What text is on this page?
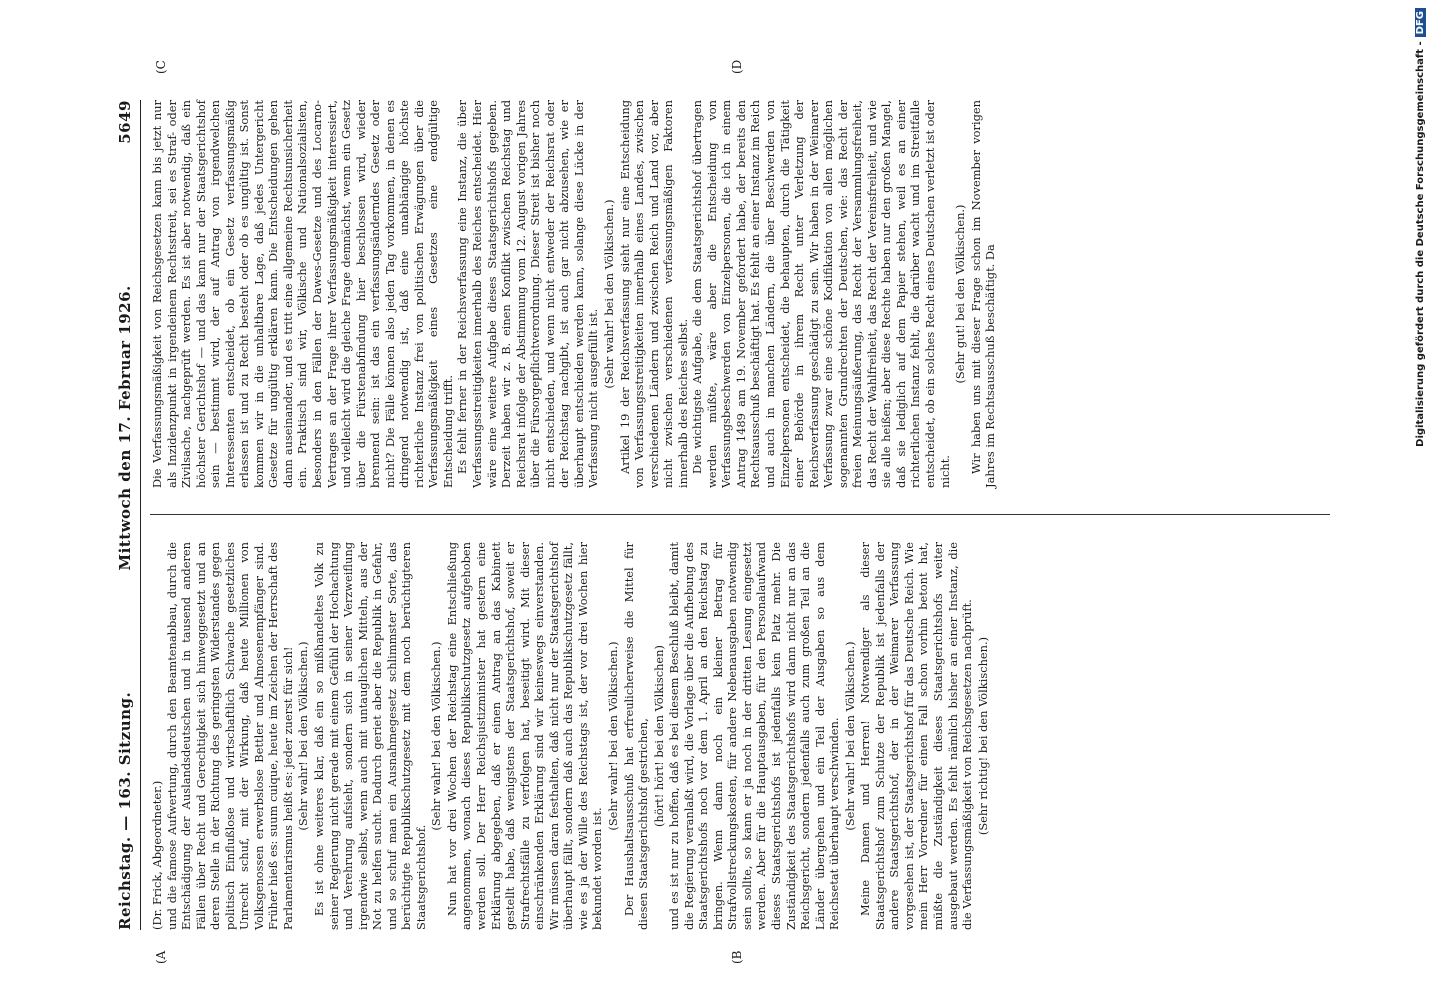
Reichstag. — 163. Sitzung.
Mittwoch den 17. Februar 1926.  5649
(A	(B
(C	(D

(Dr. Frick, Abgeordneter.) und die famose Aufwertung, durch den Beamtenabbau, durch die Entschädigung der Auslandsdeutschen und in tausend anderen Fällen über Recht und Gerechtigkeit sich hinweggesetzt und an deren Stelle in der Richtung des geringsten Widerstandes gegen politisch Einflußlose und wirtschaftlich Schwache gesetzliches Unrecht schuf, mit der Wirkung, daß heute Millionen von Volksgenossen erwerbslose Bettler und Almosenempfänger sind. Früher hieß es: suum cuique, heute im Zeichen der Herrschaft des Parlamentarismus heißt es: jeder zuerst für sich! (Sehr wahr! bei den Völkischen.) Es ist ohne weiteres klar, daß ein so mißhandeltes Volk zu seiner Regierung nicht gerade mit einem Gefühl der Hochachtung und Verehrung aufsieht, sondern sich in seiner Verzweiflung irgendwie selbst, wenn auch mit untauglichen Mitteln, aus der Not zu helfen sucht. Dadurch geriet aber die Republik in Gefahr, und so schuf man ein Ausnahmegesetz schlimmster Sorte, das berüchtigte Republikschutzgesetz mit dem noch berüchtigteren Staatsgerichtshof.

(Sehr wahr! bei den Völkischen.) Nun hat vor drei Wochen der Reichstag eine Entschließung angenommen, wonach dieses Republikschutzgesetz aufgehoben werden soll. Der Herr Reichsjustizminister hat gestern eine Erklärung abgegeben, daß er einen Antrag an das Kabinett gestellt habe, daß wenigstens der Staatsgerichtshof, soweit er Strafrechtsfälle zu verfolgen hat, beseitigt wird. Mit dieser einschränkenden Erklärung sind wir keineswegs einverstanden. Wir müssen daran festhalten, daß nicht nur der Staatsgerichtshof überhaupt fällt, sondern daß auch das Republikschutzgesetz fällt, wie es ja der Wille des Reichstags ist, der vor drei Wochen hier bekundet worden ist.

(Sehr wahr! bei den Völkischen.) Der Haushaltsausschuß hat erfreulicherweise die Mittel für diesen Staatsgerichtshof gestrichen, (hört! hört! bei den Völkischen) und es ist nur zu hoffen, daß es bei diesem Beschluß bleibt, damit die Regierung veranlaßt wird, die Vorlage über die Aufhebung des Staatsgerichtshofs noch vor dem 1. April an den Reichstag zu bringen. Wenn dann noch ein kleiner Betrag für Strafvollstreckungskosten, für andere Nebenausgaben notwendig sein sollte, so kann er ja noch in der dritten Lesung eingesetzt werden. Aber für die Hauptausgaben, für den Personalaufwand dieses Staatsgerichtshofs ist jedenfalls kein Platz mehr. Die Zuständigkeit des Staatsgerichtshofs wird dann nicht nur an das Reichsgericht, sondern jedenfalls auch zum großen Teil an die Länder übergehen und ein Teil der Ausgaben so aus dem Reichsetat überhaupt verschwinden. (Sehr wahr! bei den Völkischen.) Meine Damen und Herren! Notwendiger als dieser Staatsgerichtshof zum Schutze der Republik ist jedenfalls der andere Staatsgerichtshof, der in der Weimarer Verfassung vorgesehen ist, der Staatsgerichtshof für das Deutsche Reich. Wie mein Herr Vorredner für einen Fall schon vorhin betont hat, müßte die Zuständigkeit dieses Staatsgerichtshofs weiter ausgebaut werden. Es fehlt nämlich bisher an einer Instanz, die die Verfassungsmäßigkeit von Reichsgesetzen nachprüft. (Sehr richtig! bei den Völkischen.)

Die Verfassungsmäßigkeit von Reichsgesetzen kann bis jetzt nur als Inzidenzpunkt in irgendeinem Rechtsstreit, sei es Straf- oder Zivilsache, nachgeprüft werden. Es ist aber notwendig, daß ein höchster Gerichtshof — und das kann nur der Staatsgerichtshof sein — bestimmt wird, der auf Antrag von irgendwelchen Interessenten entscheidet, ob ein Gesetz verfassungsmäßig erlassen ist und zu Recht besteht oder ob es ungültig ist. Sonst kommen wir in die unhaltbare Lage, daß jedes Untergericht Gesetze für ungültig erklären kann. Die Entscheidungen gehen dann auseinander, und es tritt eine allgemeine Rechtsunsicherheit ein. Praktisch sind wir, Völkische und Nationalsozialisten, besonders in den Fällen der Dawes-Gesetze und des Locarno-Vertrages an der Frage ihrer Verfassungsmäßigkeit interessiert, und vielleicht wird die gleiche Frage demnächst, wenn ein Gesetz über die Fürstenabfindung hier beschlossen wird, wieder brennend sein: ist das ein verfassungsänderndes Gesetz oder nicht? Die Fälle können also jeden Tag vorkommen, in denen es dringend notwendig ist, daß eine unabhängige höchste richterliche Instanz frei von politischen Erwägungen über die Verfassungsmäßigkeit eines Gesetzes eine endgültige Entscheidung trifft. Es fehlt ferner in der Reichsverfassung eine Instanz, die über Verfassungsstreitigkeiten innerhalb des Reiches entscheidet. Hier wäre eine weitere Aufgabe dieses Staatsgerichtshofs gegeben. Derzeit haben wir z. B. einen Konflikt zwischen Reichstag und Reichsrat infolge der Abstimmung vom 12. August vorigen Jahres über die Fürsorgepflichtverordnung. Dieser Streit ist bisher noch nicht entschieden, und wenn nicht entweder der Reichsrat oder der Reichstag nachgibt, ist auch gar nicht abzusehen, wie er überhaupt entschieden werden kann, solange diese Lücke in der Verfassung nicht ausgefüllt ist.

(Sehr wahr! bei den Völkischen.) Artikel 19 der Reichsverfassung sieht nur eine Entscheidung von Verfassungsstreitigkeiten innerhalb eines Landes, zwischen verschiedenen Ländern und zwischen Reich und Land vor, aber nicht zwischen verschiedenen verfassungsmäßigen Faktoren innerhalb des Reiches selbst. Die wichtigste Aufgabe, die dem Staatsgerichtshof übertragen werden müßte, wäre aber die Entscheidung von Verfassungsbeschwerden von Einzelpersonen, die ich in einem Antrag 1489 am 19. November gefordert habe, der bereits den Rechtsausschuß beschäftigt hat. Es fehlt an einer Instanz im Reich und auch in manchen Ländern, die über Beschwerden von Einzelpersonen entscheidet, die behaupten, durch die Tätigkeit einer Behörde in ihrem Recht unter Verletzung der Reichsverfassung geschädigt zu sein. Wir haben in der Weimarer Verfassung zwar eine schöne Kodifikation von allen möglichen sogenannten Grundrechten der Deutschen, wie: das Recht der freien Meinungsäußerung, das Recht der Versammlungsfreiheit, das Recht der Wahlfreiheit, das Recht der Vereinsfreiheit, und wie sie alle heißen; aber diese Rechte haben nur den großen Mangel, daß sie lediglich auf dem Papier stehen, weil es an einer richterlichen Instanz fehlt, die darüber wacht und im Streitfalle entscheidet, ob ein solches Recht eines Deutschen verletzt ist oder nicht.

(Sehr gut! bei den Völkischen.) Wir haben uns mit dieser Frage schon im November vorigen Jahres im Rechtsausschuß beschäftigt. Da	Digitalisierung gefördert durch die Deutsche Forschungsgemeinschaft -DFG
